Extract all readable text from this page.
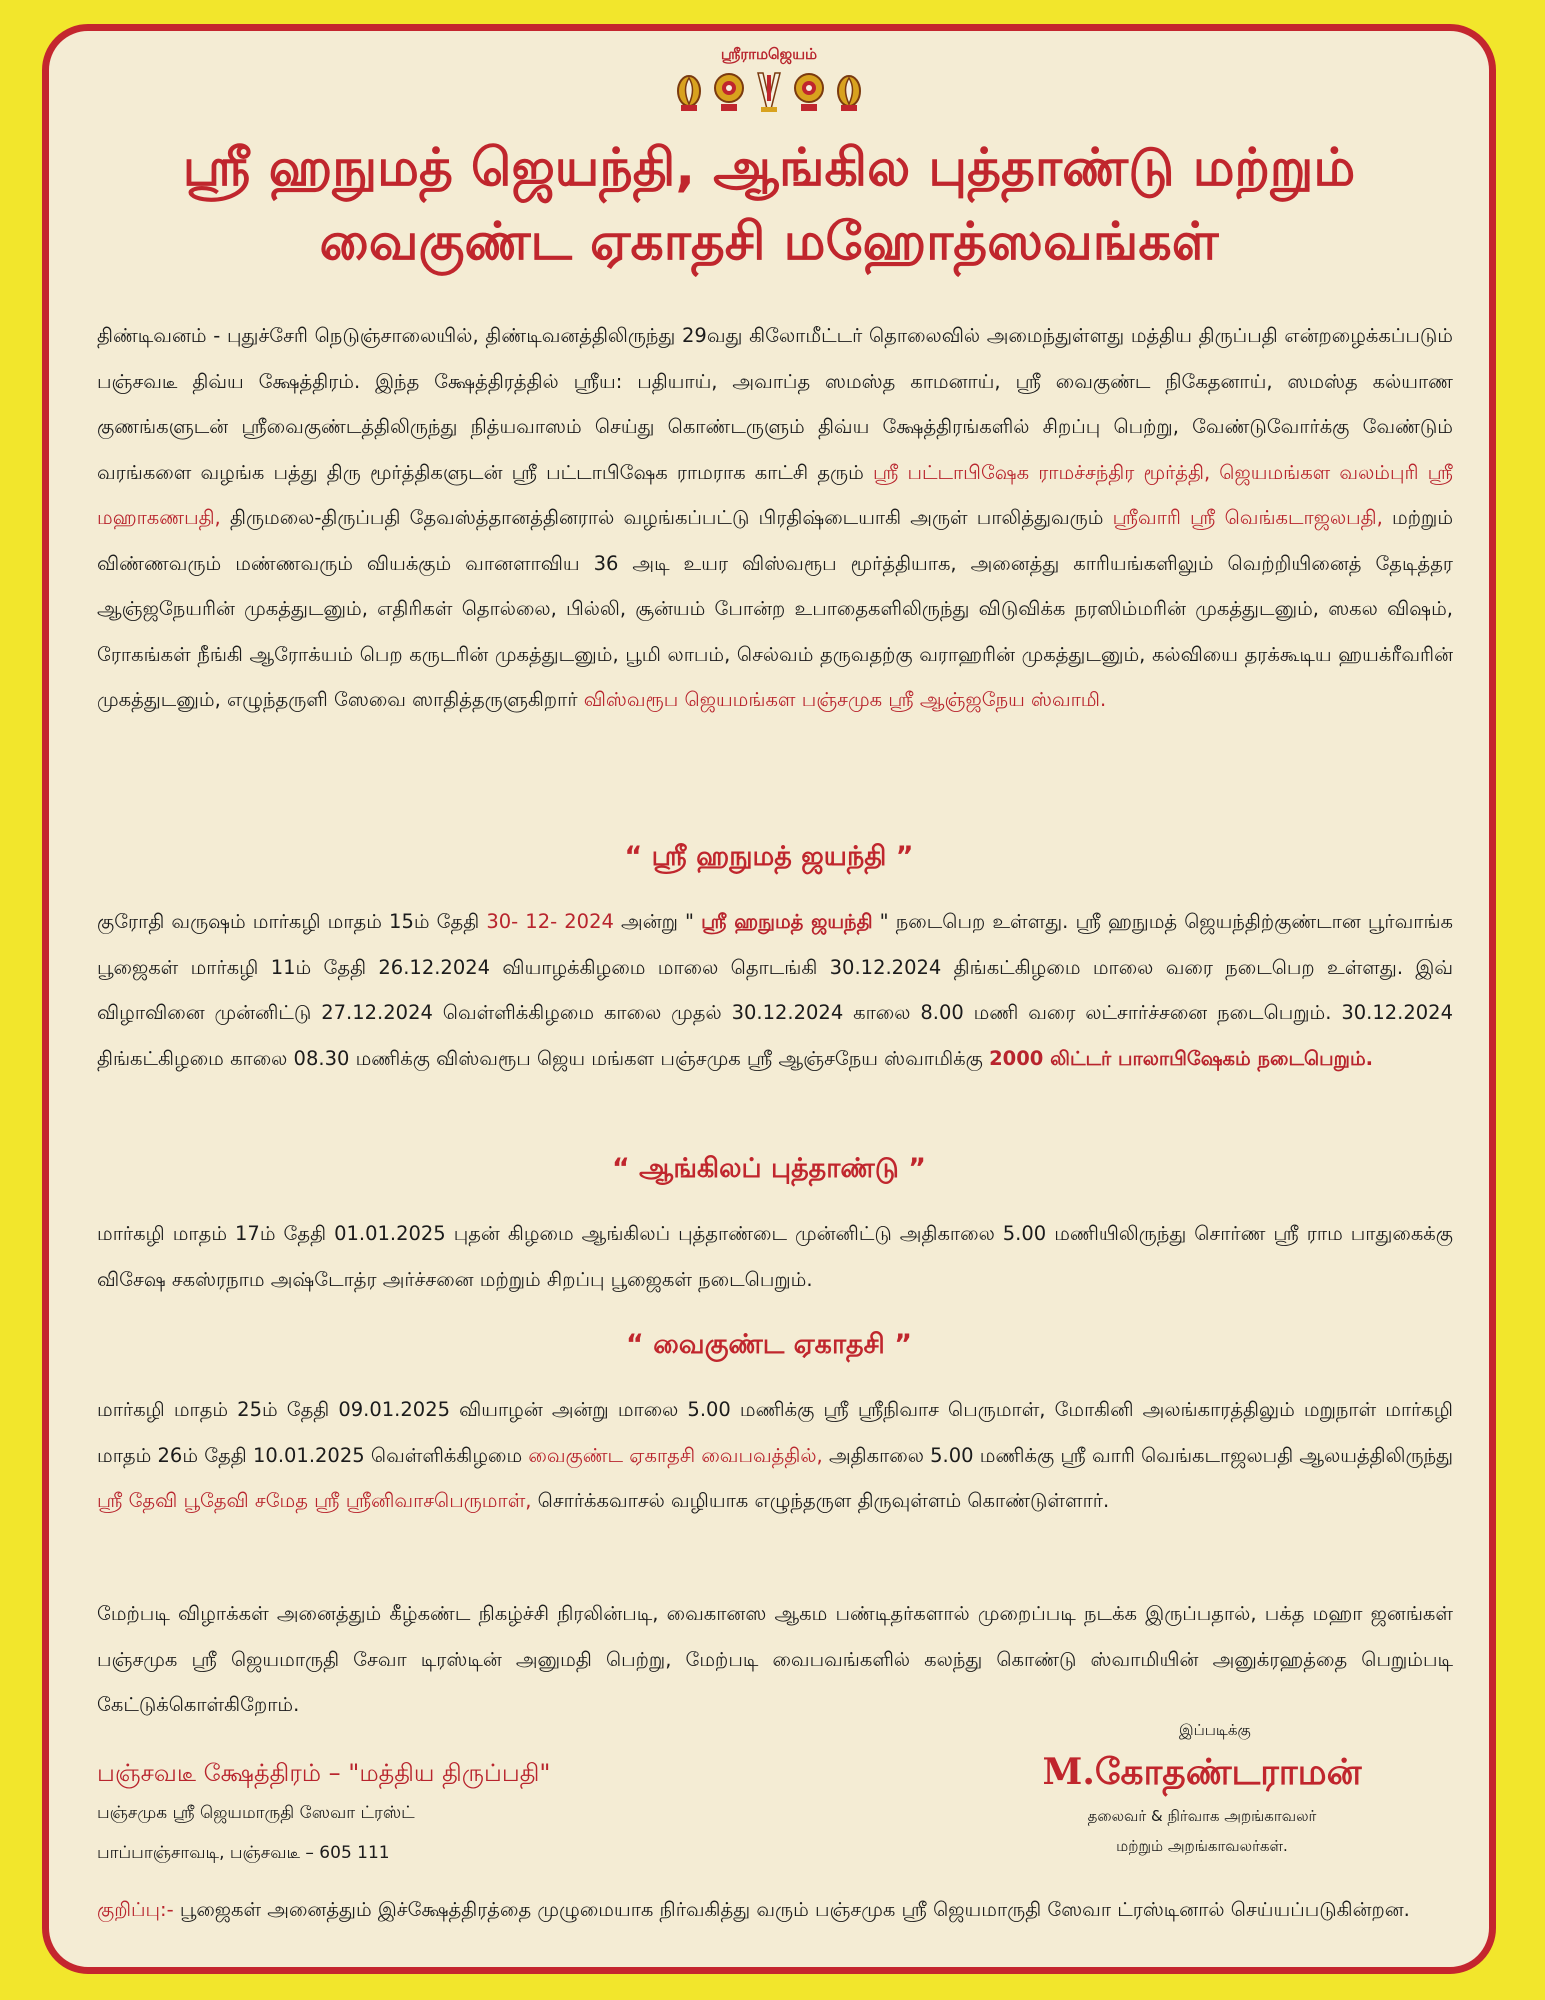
ஸ்ரீராமஜெயம்
ஸ்ரீ ஹநுமத் ஜெயந்தி, ஆங்கில புத்தாண்டு மற்றும்
வைகுண்ட ஏகாதசி மஹோத்ஸவங்கள்

திண்டிவனம் - புதுச்சேரி நெடுஞ்சாலையில், திண்டிவனத்திலிருந்து 29வது கிலோமீட்டர் தொலைவில் அமைந்துள்ளது மத்திய திருப்பதி என்றழைக்கப்படும் பஞ்சவடீ திவ்ய க்ஷேத்திரம். இந்த க்ஷேத்திரத்தில் ஸ்ரீய: பதியாய், அவாப்த ஸமஸ்த காமனாய், ஸ்ரீ வைகுண்ட நிகேதனாய், ஸமஸ்த கல்யாண குணங்களுடன் ஸ்ரீவைகுண்டத்திலிருந்து நித்யவாஸம் செய்து கொண்டருளும் திவ்ய க்ஷேத்திரங்களில் சிறப்பு பெற்று, வேண்டுவோர்க்கு வேண்டும் வரங்களை வழங்க பத்து திரு மூர்த்திகளுடன் ஸ்ரீ பட்டாபிஷேக ராமராக காட்சி தரும் ஸ்ரீ பட்டாபிஷேக ராமச்சந்திர மூர்த்தி, ஜெயமங்கள வலம்புரி ஸ்ரீ மஹாகணபதி, திருமலை-திருப்பதி தேவஸ்த்தானத்தினரால் வழங்கப்பட்டு பிரதிஷ்டையாகி அருள் பாலித்துவரும் ஸ்ரீவாரி ஸ்ரீ வெங்கடாஜலபதி, மற்றும் விண்ணவரும் மண்ணவரும் வியக்கும் வானளாவிய 36 அடி உயர விஸ்வரூப மூர்த்தியாக, அனைத்து காரியங்களிலும் வெற்றியினைத் தேடித்தர ஆஞ்ஜநேயரின் முகத்துடனும், எதிரிகள் தொல்லை, பில்லி, சூன்யம் போன்ற உபாதைகளிலிருந்து விடுவிக்க நரஸிம்மரின் முகத்துடனும், ஸகல விஷம், ரோகங்கள் நீங்கி ஆரோக்யம் பெற கருடரின் முகத்துடனும், பூமி லாபம், செல்வம் தருவதற்கு வராஹரின் முகத்துடனும், கல்வியை தரக்கூடிய ஹயக்ரீவரின் முகத்துடனும், எழுந்தருளி ஸேவை ஸாதித்தருளுகிறார் விஸ்வரூப ஜெயமங்கள பஞ்சமுக ஸ்ரீ ஆஞ்ஜநேய ஸ்வாமி.

“ ஸ்ரீ ஹநுமத் ஜயந்தி ”

குரோதி வருஷம் மார்கழி மாதம் 15ம் தேதி 30- 12- 2024 அன்று " ஸ்ரீ ஹநுமத் ஜயந்தி " நடைபெற உள்ளது. ஸ்ரீ ஹநுமத் ஜெயந்திற்குண்டான பூர்வாங்க பூஜைகள் மார்கழி 11ம் தேதி 26.12.2024 வியாழக்கிழமை மாலை தொடங்கி 30.12.2024 திங்கட்கிழமை மாலை வரை நடைபெற உள்ளது. இவ் விழாவினை முன்னிட்டு 27.12.2024 வெள்ளிக்கிழமை காலை முதல் 30.12.2024 காலை 8.00 மணி வரை லட்சார்ச்சனை நடைபெறும். 30.12.2024 திங்கட்கிழமை காலை 08.30 மணிக்கு விஸ்வரூப ஜெய மங்கள பஞ்சமுக ஸ்ரீ ஆஞ்சநேய ஸ்வாமிக்கு 2000 லிட்டர் பாலாபிஷேகம் நடைபெறும்.

“ ஆங்கிலப் புத்தாண்டு ”

மார்கழி மாதம் 17ம் தேதி 01.01.2025 புதன் கிழமை ஆங்கிலப் புத்தாண்டை முன்னிட்டு அதிகாலை 5.00 மணியிலிருந்து சொர்ண ஸ்ரீ ராம பாதுகைக்கு விசேஷ சகஸ்ரநாம அஷ்டோத்ர அர்ச்சனை மற்றும் சிறப்பு பூஜைகள் நடைபெறும்.

“ வைகுண்ட ஏகாதசி ”

மார்கழி மாதம் 25ம் தேதி 09.01.2025 வியாழன் அன்று மாலை 5.00 மணிக்கு ஸ்ரீ ஸ்ரீநிவாச பெருமாள், மோகினி அலங்காரத்திலும் மறுநாள் மார்கழி மாதம் 26ம் தேதி 10.01.2025 வெள்ளிக்கிழமை வைகுண்ட ஏகாதசி வைபவத்தில், அதிகாலை 5.00 மணிக்கு ஸ்ரீ வாரி வெங்கடாஜலபதி ஆலயத்திலிருந்து ஸ்ரீ தேவி பூதேவி சமேத ஸ்ரீ ஸ்ரீனிவாசபெருமாள், சொர்க்கவாசல் வழியாக எழுந்தருள திருவுள்ளம் கொண்டுள்ளார்.

மேற்படி விழாக்கள் அனைத்தும் கீழ்கண்ட நிகழ்ச்சி நிரலின்படி, வைகானஸ ஆகம பண்டிதர்களால் முறைப்படி நடக்க இருப்பதால், பக்த மஹா ஜனங்கள் பஞ்சமுக ஸ்ரீ ஜெயமாருதி சேவா டிரஸ்டின் அனுமதி பெற்று, மேற்படி வைபவங்களில் கலந்து கொண்டு ஸ்வாமியின் அனுக்ரஹத்தை பெறும்படி கேட்டுக்கொள்கிறோம்.

இப்படிக்கு
M.கோதண்டராமன்
தலைவர் & நிர்வாக அறங்காவலர்
மற்றும் அறங்காவலர்கள்.
பஞ்சவடீ க்ஷேத்திரம் – "மத்திய திருப்பதி"
பஞ்சமுக ஸ்ரீ ஜெயமாருதி ஸேவா ட்ரஸ்ட்
பாப்பாஞ்சாவடி, பஞ்சவடீ – 605 111

குறிப்பு:- பூஜைகள் அனைத்தும் இச்க்ஷேத்திரத்தை முழுமையாக நிர்வகித்து வரும் பஞ்சமுக ஸ்ரீ ஜெயமாருதி ஸேவா ட்ரஸ்டினால் செய்யப்படுகின்றன.
